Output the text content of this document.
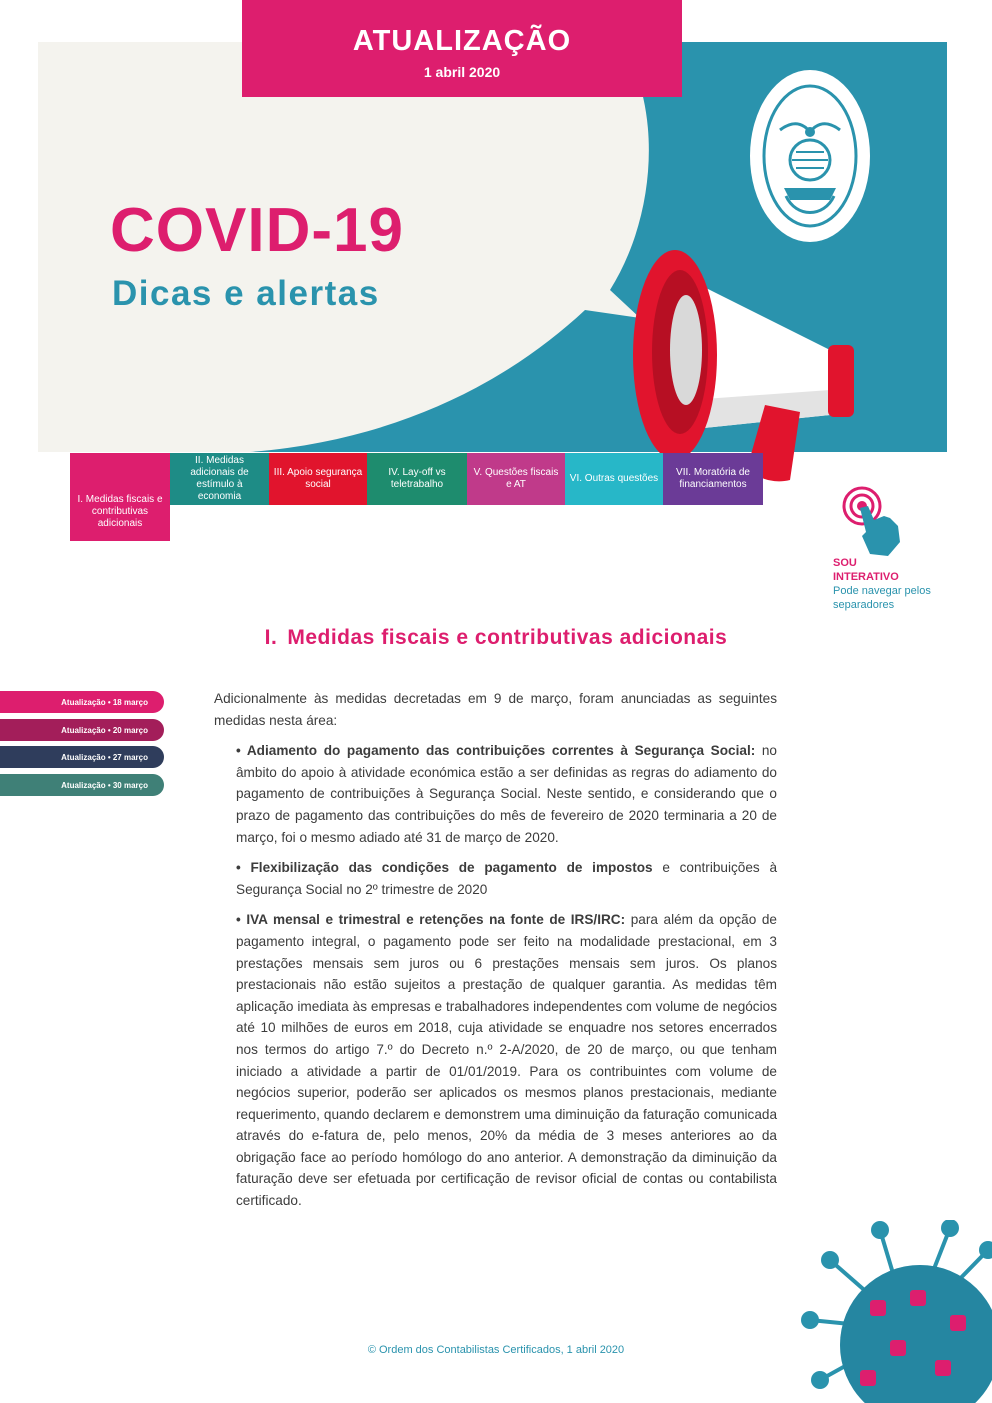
ATUALIZAÇÃO
1 abril 2020
COVID-19
Dicas e alertas
I. Medidas fiscais e contributivas adicionais
II. Medidas adicionais de estímulo à economia
III. Apoio segurança social
IV. Lay-off vs teletrabalho
V. Questões fiscais e AT
VI. Outras questões
VII. Moratória de financiamentos
SOU
INTERATIVO
Pode navegar pelos separadores
I. Medidas fiscais e contributivas adicionais
Atualização • 18 março
Atualização • 20 março
Atualização • 27 março
Atualização • 30 março

Adicionalmente às medidas decretadas em 9 de março, foram anunciadas as seguintes medidas nesta área:

• Adiamento do pagamento das contribuições correntes à Segurança Social: no âmbito do apoio à atividade económica estão a ser definidas as regras do adiamento do pagamento de contribuições à Segurança Social. Neste sentido, e considerando que o prazo de pagamento das contribuições do mês de fevereiro de 2020 terminaria a 20 de março, foi o mesmo adiado até 31 de março de 2020.

• Flexibilização das condições de pagamento de impostos e contribuições à Segurança Social no 2º trimestre de 2020

• IVA mensal e trimestral e retenções na fonte de IRS/IRC: para além da opção de pagamento integral, o pagamento pode ser feito na modalidade prestacional, em 3 prestações mensais sem juros ou 6 prestações mensais sem juros. Os planos prestacionais não estão sujeitos a prestação de qualquer garantia. As medidas têm aplicação imediata às empresas e trabalhadores independentes com volume de negócios até 10 milhões de euros em 2018, cuja atividade se enquadre nos setores encerrados nos termos do artigo 7.º do Decreto n.º 2-A/2020, de 20 de março, ou que tenham iniciado a atividade a partir de 01/01/2019. Para os contribuintes com volume de negócios superior, poderão ser aplicados os mesmos planos prestacionais, mediante requerimento, quando declarem e demonstrem uma diminuição da faturação comunicada através do e-fatura de, pelo menos, 20% da média de 3 meses anteriores ao da obrigação face ao período homólogo do ano anterior. A demonstração da diminuição da faturação deve ser efetuada por certificação de revisor oficial de contas ou contabilista certificado.

© Ordem dos Contabilistas Certificados, 1 abril 2020
